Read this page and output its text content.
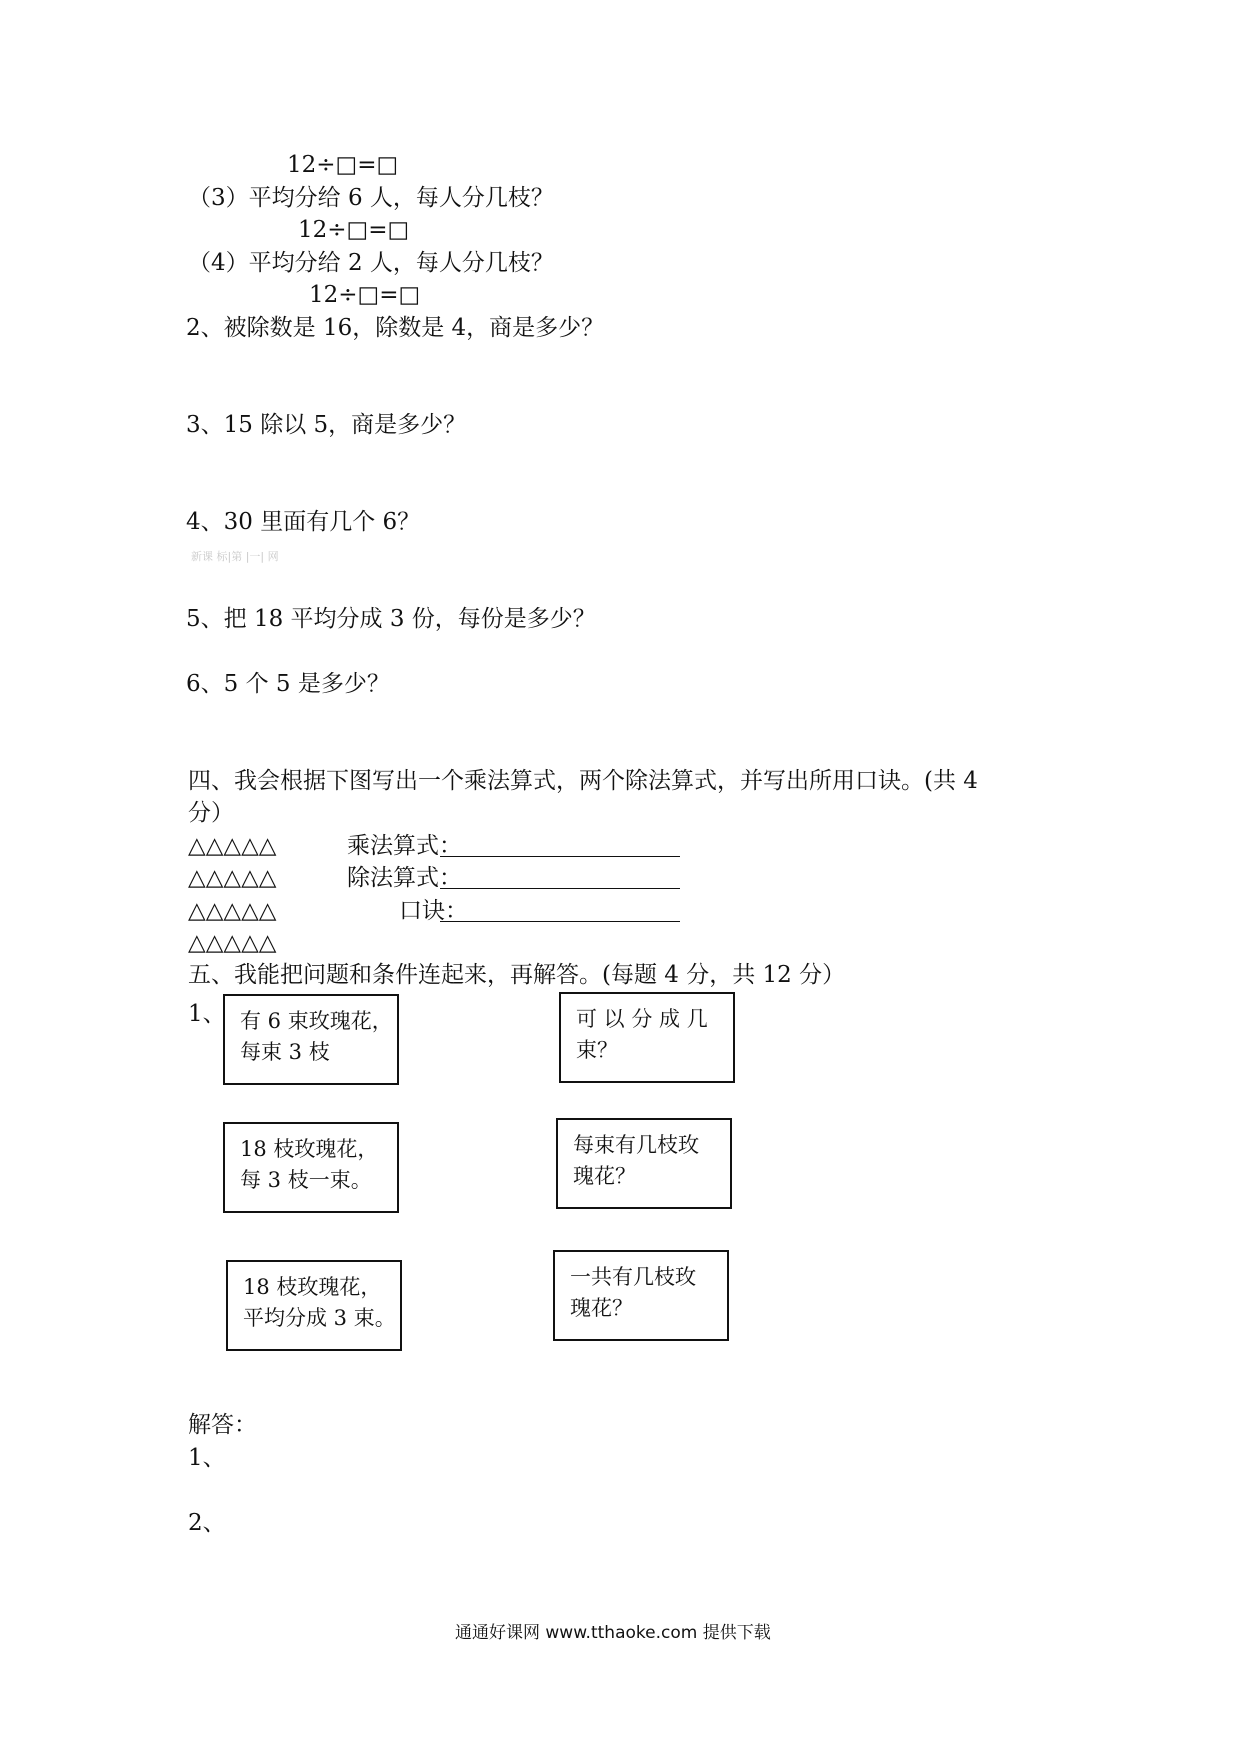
12÷□=□
（3）平均分给 6 人，每人分几枝？
12÷□=□
（4）平均分给 2 人，每人分几枝？
12÷□=□
2、被除数是 16，除数是 4，商是多少？
3、15 除以 5，商是多少？
4、30 里面有几个 6？
新课 标|第 |一| 网
5、把 18 平均分成 3 份，每份是多少？
6、5 个 5 是多少？
四、我会根据下图写出一个乘法算式，两个除法算式，并写出所用口诀。(共 4
分）
△△△△△
△△△△△
△△△△△
△△△△△
乘法算式：
除法算式：
口诀：
五、我能把问题和条件连起来，再解答。(每题 4 分，共 12 分）
1、 有 6 束玫瑰花，
每束 3 枝
18 枝玫瑰花，
每 3 枝一束。
18 枝玫瑰花，
平均分成 3 束。
可 以 分 成 几
束？
每束有几枝玫
瑰花？
一共有几枝玫
瑰花？
解答：
1、
2、
通通好课网 www.tthaoke.com 提供下载
